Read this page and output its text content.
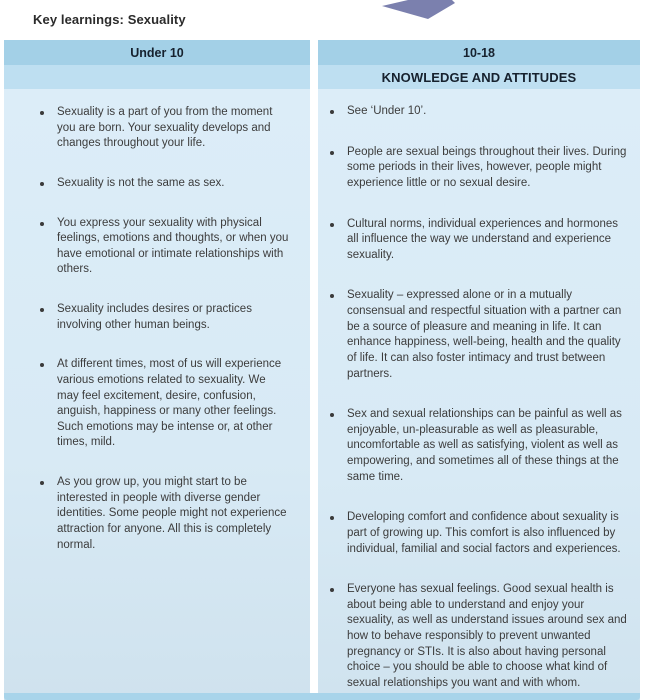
Key learnings: Sexuality
Under 10
Sexuality is a part of you from the moment you are born. Your sexuality develops and changes throughout your life.
Sexuality is not the same as sex.
You express your sexuality with physical feelings, emotions and thoughts, or when you have emotional or intimate relationships with others.
Sexuality includes desires or practices involving other human beings.
At different times, most of us will experience various emotions related to sexuality. We may feel excitement, desire, confusion, anguish, happiness or many other feelings. Such emotions may be intense or, at other times, mild.
As you grow up, you might start to be interested in people with diverse gender identities. Some people might not experience attraction for anyone. All this is completely normal.
10-18
KNOWLEDGE AND ATTITUDES
See ‘Under 10’.
People are sexual beings throughout their lives. During some periods in their lives, however, people might experience little or no sexual desire.
Cultural norms, individual experiences and hormones all influence the way we understand and experience sexuality.
Sexuality – expressed alone or in a mutually consensual and respectful situation with a partner can be a source of pleasure and meaning in life. It can enhance happiness, well-being, health and the quality of life. It can also foster intimacy and trust between partners.
Sex and sexual relationships can be painful as well as enjoyable, un-pleasurable as well as pleasurable, uncomfortable as well as satisfying, violent as well as empowering, and sometimes all of these things at the same time.
Developing comfort and confidence about sexuality is part of growing up. This comfort is also influenced by individual, familial and social factors and experiences.
Everyone has sexual feelings. Good sexual health is about being able to understand and enjoy your sexuality, as well as understand issues around sex and how to behave responsibly to prevent unwanted pregnancy or STIs. It is also about having personal choice – you should be able to choose what kind of sexual relationships you want and with whom.
